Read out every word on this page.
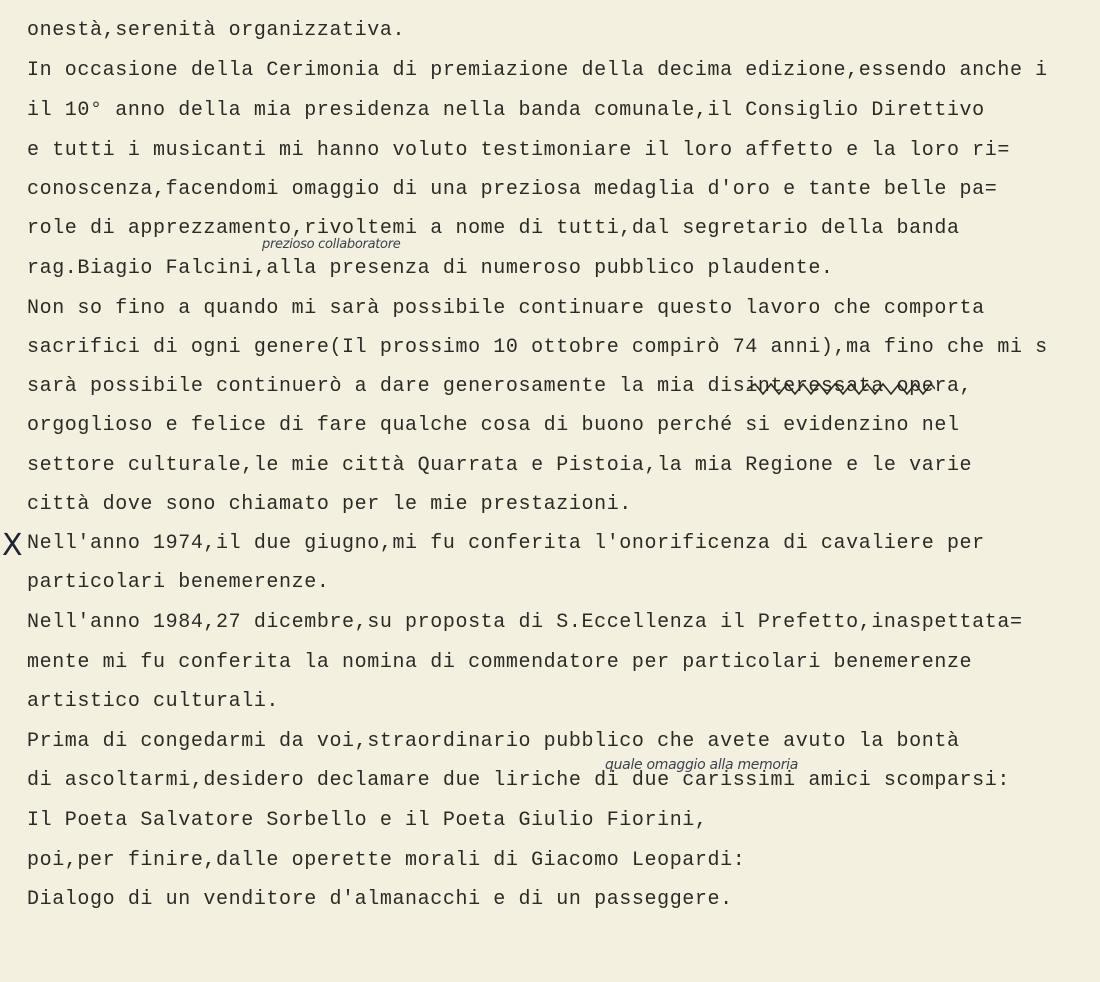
onestà,serenità organizzativa.
In occasione della Cerimonia di premiazione della decima edizione,essendo anche i
il 10° anno della mia presidenza nella banda comunale,il Consiglio Direttivo
e tutti i musicanti mi hanno voluto testimoniare il loro affetto e la loro ri=
conoscenza,facendomi omaggio di una preziosa medaglia d'oro e tante belle pa=
role di apprezzamento,rivoltemi a nome di tutti,dal segretario della banda
rag.Biagio Falcini,alla presenza di numeroso pubblico plaudente.
Non so fino a quando mi sarà possibile continuare questo lavoro che comporta
sacrifici di ogni genere(Il prossimo 10 ottobre compirò 74 anni),ma fino che mi s
sarà possibile continuerò a dare generosamente la mia disinteressata opera,
orgoglioso e felice di fare qualche cosa di buono perché si evidenzino nel
settore culturale,le mie città Quarrata e Pistoia,la mia Regione e le varie
città dove sono chiamato per le mie prestazioni.
Nell'anno 1974,il due giugno,mi fu conferita l'onorificenza di cavaliere per
particolari benemerenze.
Nell'anno 1984,27 dicembre,su proposta di S.Eccellenza il Prefetto,inaspettata=
mente mi fu conferita la nomina di commendatore per particolari benemerenze
artistico culturali.
Prima di congedarmi da voi,straordinario pubblico che avete avuto la bontà
di ascoltarmi,desidero declamare due liriche di due carissimi amici scomparsi:
Il Poeta Salvatore Sorbello e il Poeta Giulio Fiorini,
poi,per finire,dalle operette morali di Giacomo Leopardi:
Dialogo di un venditore d'almanacchi e di un passeggere.
prezioso collaboratore
quale omaggio alla memoria
X
